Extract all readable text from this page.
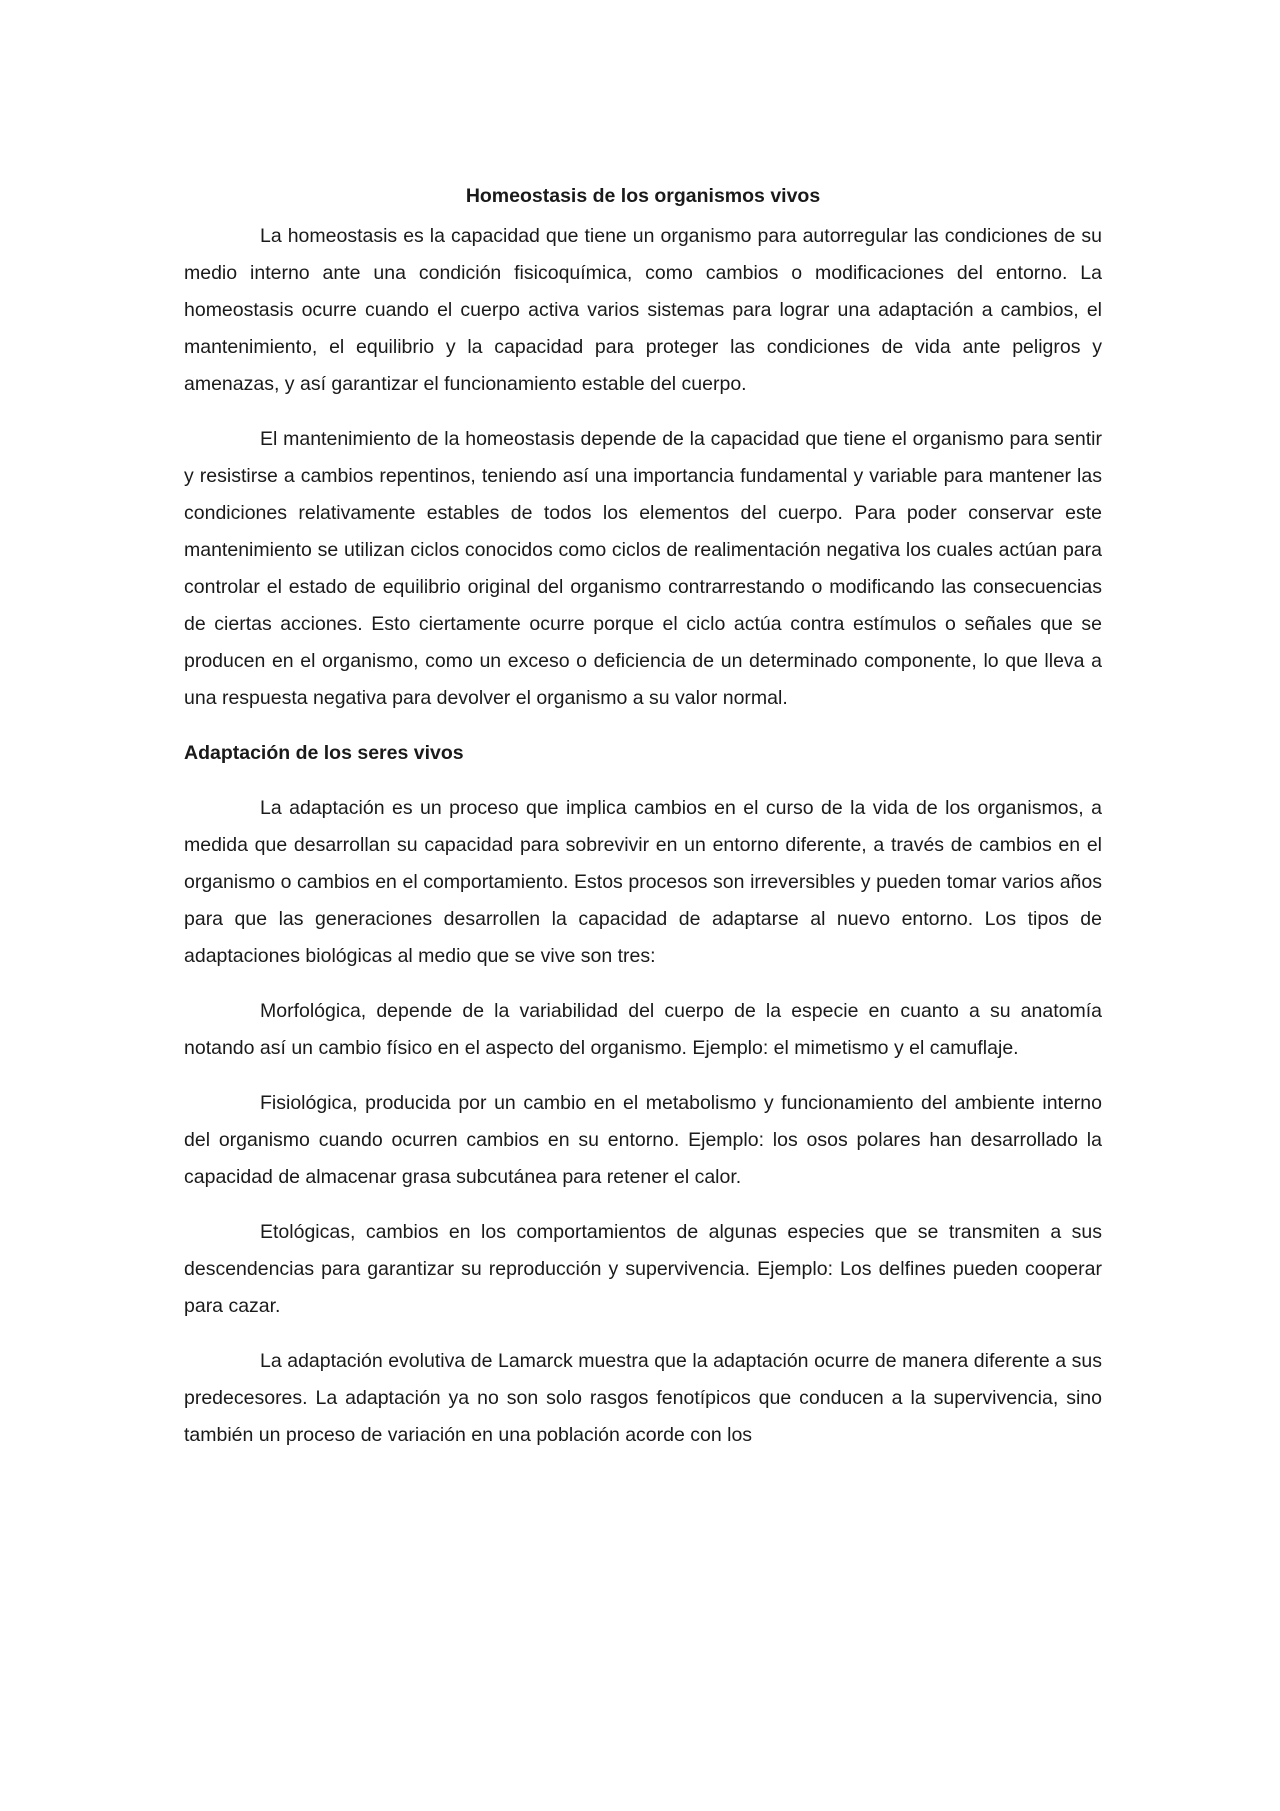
Homeostasis de los organismos vivos

La homeostasis es la capacidad que tiene un organismo para autorregular las condiciones de su medio interno ante una condición fisicoquímica, como cambios o modificaciones del entorno. La homeostasis ocurre cuando el cuerpo activa varios sistemas para lograr una adaptación a cambios, el mantenimiento, el equilibrio y la capacidad para proteger las condiciones de vida ante peligros y amenazas, y así garantizar el funcionamiento estable del cuerpo.

El mantenimiento de la homeostasis depende de la capacidad que tiene el organismo para sentir y resistirse a cambios repentinos, teniendo así una importancia fundamental y variable para mantener las condiciones relativamente estables de todos los elementos del cuerpo. Para poder conservar este mantenimiento se utilizan ciclos conocidos como ciclos de realimentación negativa los cuales actúan para controlar el estado de equilibrio original del organismo contrarrestando o modificando las consecuencias de ciertas acciones. Esto ciertamente ocurre porque el ciclo actúa contra estímulos o señales que se producen en el organismo, como un exceso o deficiencia de un determinado componente, lo que lleva a una respuesta negativa para devolver el organismo a su valor normal.

Adaptación de los seres vivos

La adaptación es un proceso que implica cambios en el curso de la vida de los organismos, a medida que desarrollan su capacidad para sobrevivir en un entorno diferente, a través de cambios en el organismo o cambios en el comportamiento. Estos procesos son irreversibles y pueden tomar varios años para que las generaciones desarrollen la capacidad de adaptarse al nuevo entorno. Los tipos de adaptaciones biológicas al medio que se vive son tres:

Morfológica, depende de la variabilidad del cuerpo de la especie en cuanto a su anatomía notando así un cambio físico en el aspecto del organismo. Ejemplo: el mimetismo y el camuflaje.

Fisiológica, producida por un cambio en el metabolismo y funcionamiento del ambiente interno del organismo cuando ocurren cambios en su entorno. Ejemplo: los osos polares han desarrollado la capacidad de almacenar grasa subcutánea para retener el calor.

Etológicas, cambios en los comportamientos de algunas especies que se transmiten a sus descendencias para garantizar su reproducción y supervivencia. Ejemplo: Los delfines pueden cooperar para cazar.

La adaptación evolutiva de Lamarck muestra que la adaptación ocurre de manera diferente a sus predecesores. La adaptación ya no son solo rasgos fenotípicos que conducen a la supervivencia, sino también un proceso de variación en una población acorde con los
